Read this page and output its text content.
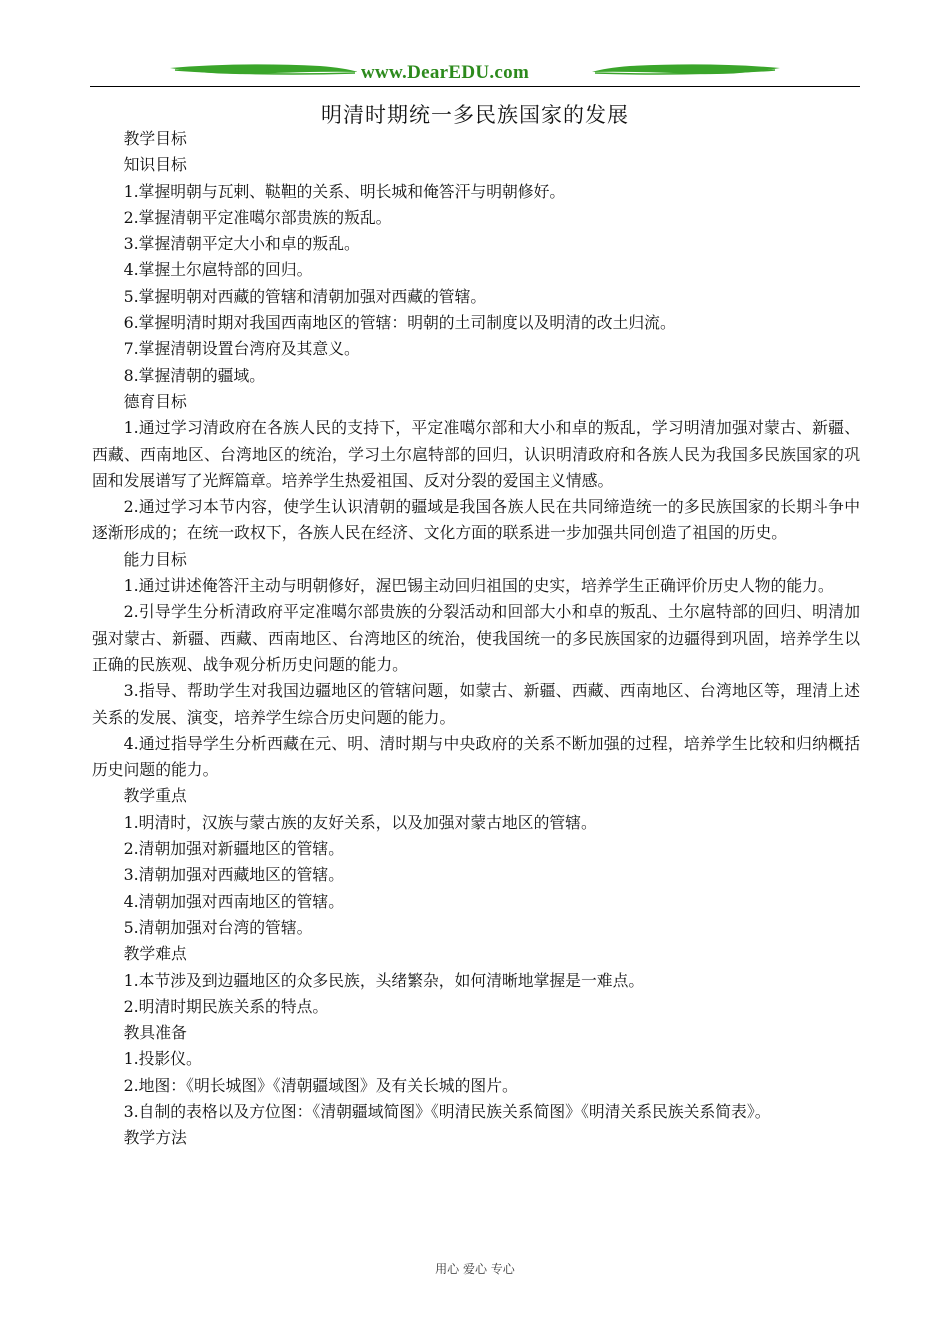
www.DearEDU.com
明清时期统一多民族国家的发展

教学目标

知识目标

1.掌握明朝与瓦剌、鞑靼的关系、明长城和俺答汗与明朝修好。

2.掌握清朝平定准噶尔部贵族的叛乱。

3.掌握清朝平定大小和卓的叛乱。

4.掌握土尔扈特部的回归。

5.掌握明朝对西藏的管辖和清朝加强对西藏的管辖。

6.掌握明清时期对我国西南地区的管辖：明朝的土司制度以及明清的改土归流。

7.掌握清朝设置台湾府及其意义。

8.掌握清朝的疆域。

德育目标

1.通过学习清政府在各族人民的支持下，平定准噶尔部和大小和卓的叛乱，学习明清加强对蒙古、新疆、西藏、西南地区、台湾地区的统治，学习土尔扈特部的回归，认识明清政府和各族人民为我国多民族国家的巩固和发展谱写了光辉篇章。培养学生热爱祖国、反对分裂的爱国主义情感。

2.通过学习本节内容，使学生认识清朝的疆域是我国各族人民在共同缔造统一的多民族国家的长期斗争中逐渐形成的；在统一政权下，各族人民在经济、文化方面的联系进一步加强共同创造了祖国的历史。

能力目标

1.通过讲述俺答汗主动与明朝修好，渥巴锡主动回归祖国的史实，培养学生正确评价历史人物的能力。

2.引导学生分析清政府平定准噶尔部贵族的分裂活动和回部大小和卓的叛乱、土尔扈特部的回归、明清加强对蒙古、新疆、西藏、西南地区、台湾地区的统治，使我国统一的多民族国家的边疆得到巩固，培养学生以正确的民族观、战争观分析历史问题的能力。

3.指导、帮助学生对我国边疆地区的管辖问题，如蒙古、新疆、西藏、西南地区、台湾地区等，理清上述关系的发展、演变，培养学生综合历史问题的能力。

4.通过指导学生分析西藏在元、明、清时期与中央政府的关系不断加强的过程，培养学生比较和归纳概括历史问题的能力。

教学重点

1.明清时，汉族与蒙古族的友好关系，以及加强对蒙古地区的管辖。

2.清朝加强对新疆地区的管辖。

3.清朝加强对西藏地区的管辖。

4.清朝加强对西南地区的管辖。

5.清朝加强对台湾的管辖。

教学难点

1.本节涉及到边疆地区的众多民族，头绪繁杂，如何清晰地掌握是一难点。

2.明清时期民族关系的特点。

教具准备

1.投影仪。

2.地图：《明长城图》《清朝疆域图》及有关长城的图片。

3.自制的表格以及方位图：《清朝疆域简图》《明清民族关系简图》《明清关系民族关系简表》。

教学方法

用心 爱心 专心
